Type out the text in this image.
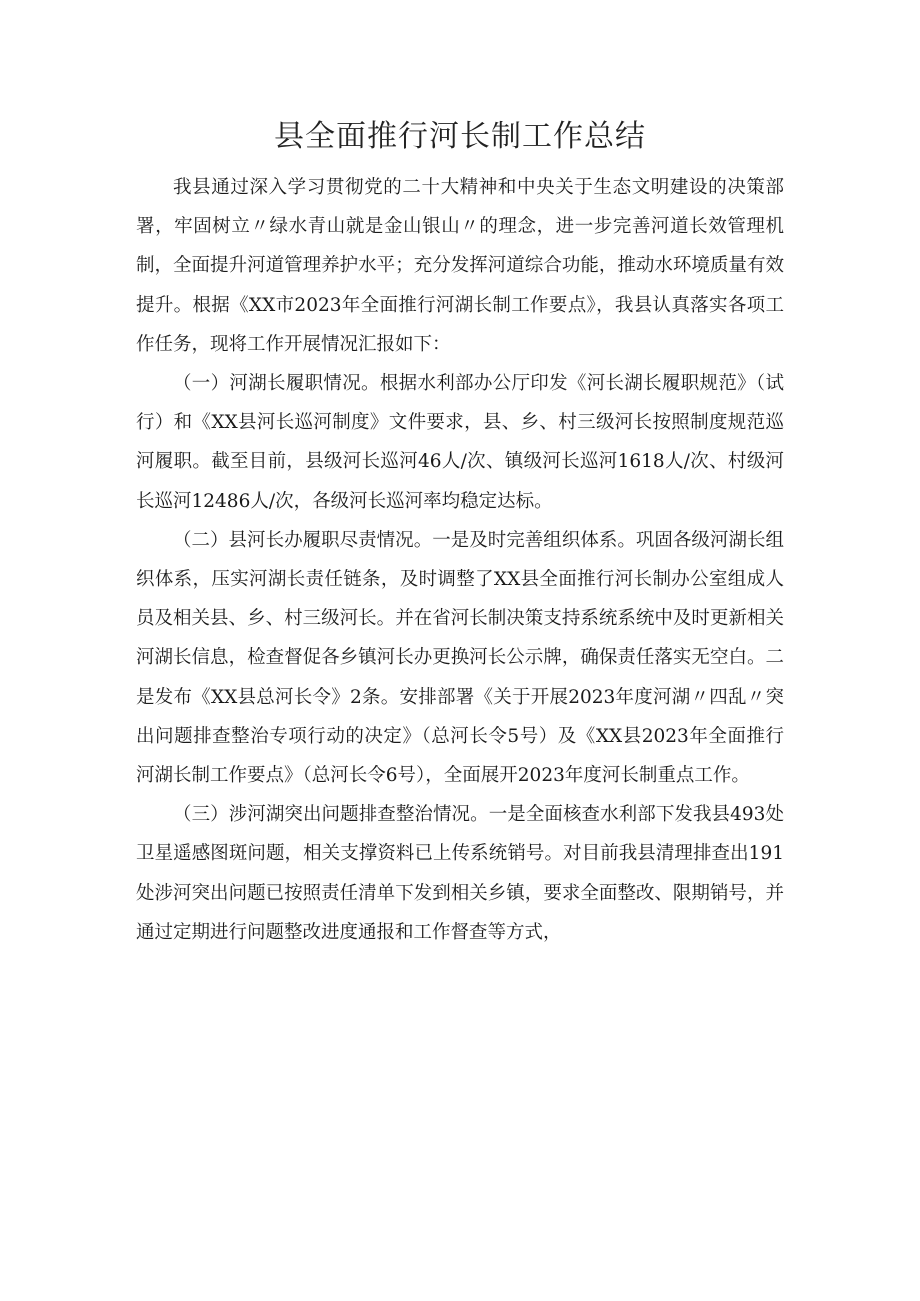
县全面推行河长制工作总结

我县通过深入学习贯彻党的二十大精神和中央关于生态文明建设的决策部署，牢固树立〃绿水青山就是金山银山〃的理念，进一步完善河道长效管理机制，全面提升河道管理养护水平；充分发挥河道综合功能，推动水环境质量有效提升。根据《XX市2023年全面推行河湖长制工作要点》，我县认真落实各项工作任务，现将工作开展情况汇报如下：

（一）河湖长履职情况。根据水利部办公厅印发《河长湖长履职规范》（试行）和《XX县河长巡河制度》文件要求，县、乡、村三级河长按照制度规范巡河履职。截至目前，县级河长巡河46人/次、镇级河长巡河1618人/次、村级河长巡河12486人/次，各级河长巡河率均稳定达标。

（二）县河长办履职尽责情况。一是及时完善组织体系。巩固各级河湖长组织体系，压实河湖长责任链条，及时调整了XX县全面推行河长制办公室组成人员及相关县、乡、村三级河长。并在省河长制决策支持系统系统中及时更新相关河湖长信息，检查督促各乡镇河长办更换河长公示牌，确保责任落实无空白。二是发布《XX县总河长令》2条。安排部署《关于开展2023年度河湖〃四乱〃突出问题排查整治专项行动的决定》（总河长令5号）及《XX县2023年全面推行河湖长制工作要点》（总河长令6号），全面展开2023年度河长制重点工作。

（三）涉河湖突出问题排查整治情况。一是全面核查水利部下发我县493处卫星遥感图斑问题，相关支撑资料已上传系统销号。对目前我县清理排查出191处涉河突出问题已按照责任清单下发到相关乡镇，要求全面整改、限期销号，并通过定期进行问题整改进度通报和工作督查等方式，
